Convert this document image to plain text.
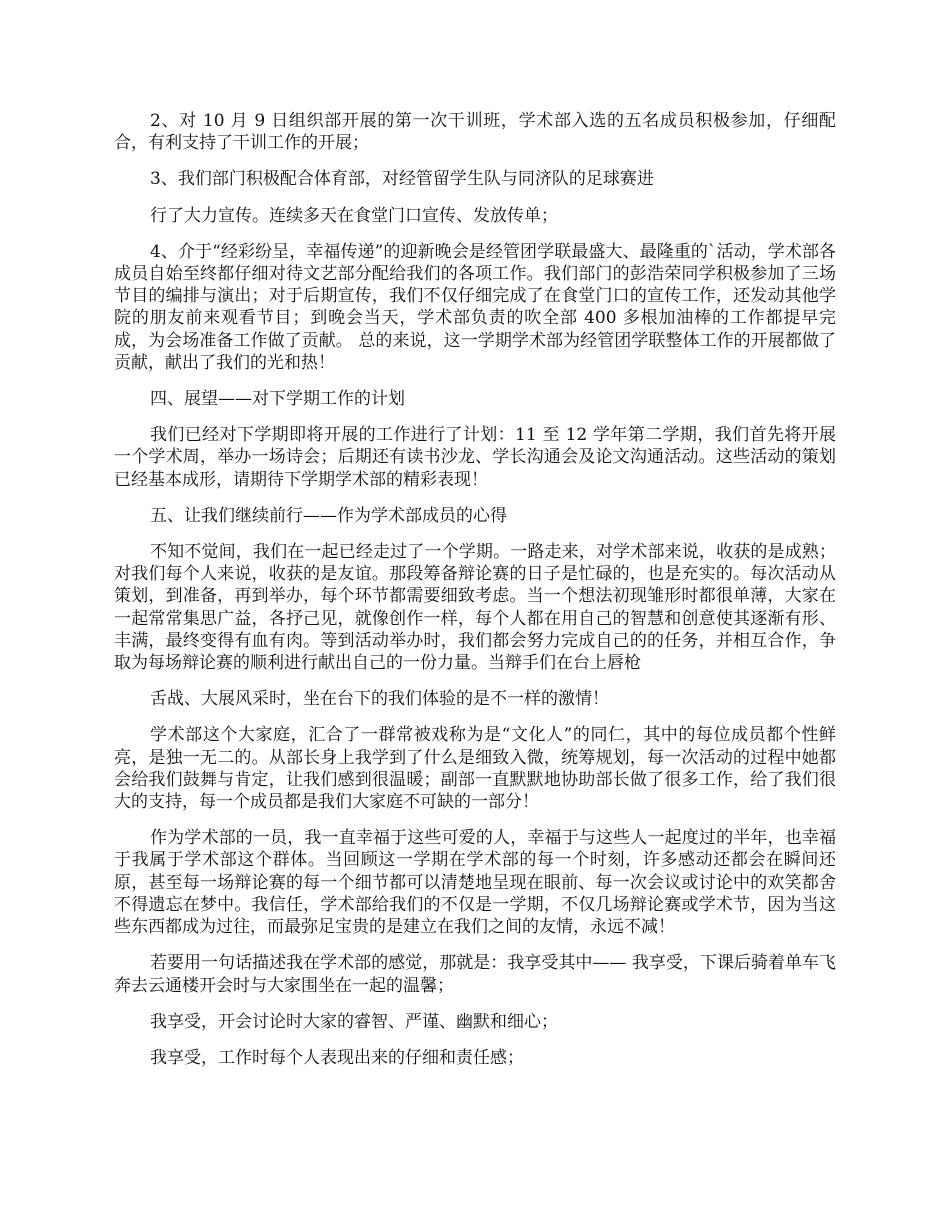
2、对 10 月 9 日组织部开展的第一次干训班，学术部入选的五名成员积极参加，仔细配合，有利支持了干训工作的开展；

3、我们部门积极配合体育部，对经管留学生队与同济队的足球赛进

行了大力宣传。连续多天在食堂门口宣传、发放传单；

4、介于“经彩纷呈，幸福传递”的迎新晚会是经管团学联最盛大、最隆重的`活动，学术部各成员自始至终都仔细对待文艺部分配给我们的各项工作。我们部门的彭浩荣同学积极参加了三场节目的编排与演出；对于后期宣传，我们不仅仔细完成了在食堂门口的宣传工作，还发动其他学院的朋友前来观看节目；到晚会当天，学术部负责的吹全部 400 多根加油棒的工作都提早完成，为会场准备工作做了贡献。 总的来说，这一学期学术部为经管团学联整体工作的开展都做了贡献，献出了我们的光和热！

四、展望——对下学期工作的计划

我们已经对下学期即将开展的工作进行了计划：11 至 12 学年第二学期，我们首先将开展一个学术周，举办一场诗会；后期还有读书沙龙、学长沟通会及论文沟通活动。这些活动的策划已经基本成形，请期待下学期学术部的精彩表现！

五、让我们继续前行——作为学术部成员的心得

不知不觉间，我们在一起已经走过了一个学期。一路走来，对学术部来说，收获的是成熟；对我们每个人来说，收获的是友谊。那段筹备辩论赛的日子是忙碌的，也是充实的。每次活动从策划，到准备，再到举办，每个环节都需要细致考虑。当一个想法初现雏形时都很单薄，大家在一起常常集思广益，各抒己见，就像创作一样，每个人都在用自己的智慧和创意使其逐渐有形、丰满，最终变得有血有肉。等到活动举办时，我们都会努力完成自己的的任务，并相互合作，争取为每场辩论赛的顺利进行献出自己的一份力量。当辩手们在台上唇枪

舌战、大展风采时，坐在台下的我们体验的是不一样的激情！

学术部这个大家庭，汇合了一群常被戏称为是“文化人”的同仁，其中的每位成员都个性鲜亮，是独一无二的。从部长身上我学到了什么是细致入微，统筹规划，每一次活动的过程中她都会给我们鼓舞与肯定，让我们感到很温暖；副部一直默默地协助部长做了很多工作，给了我们很大的支持，每一个成员都是我们大家庭不可缺的一部分！

作为学术部的一员，我一直幸福于这些可爱的人，幸福于与这些人一起度过的半年，也幸福于我属于学术部这个群体。当回顾这一学期在学术部的每一个时刻，许多感动还都会在瞬间还原，甚至每一场辩论赛的每一个细节都可以清楚地呈现在眼前、每一次会议或讨论中的欢笑都舍不得遗忘在梦中。我信任，学术部给我们的不仅是一学期，不仅几场辩论赛或学术节，因为当这些东西都成为过往，而最弥足宝贵的是建立在我们之间的友情，永远不减！

若要用一句话描述我在学术部的感觉，那就是：我享受其中—— 我享受，下课后骑着单车飞奔去云通楼开会时与大家围坐在一起的温馨；

我享受，开会讨论时大家的睿智、严谨、幽默和细心；

我享受，工作时每个人表现出来的仔细和责任感；
